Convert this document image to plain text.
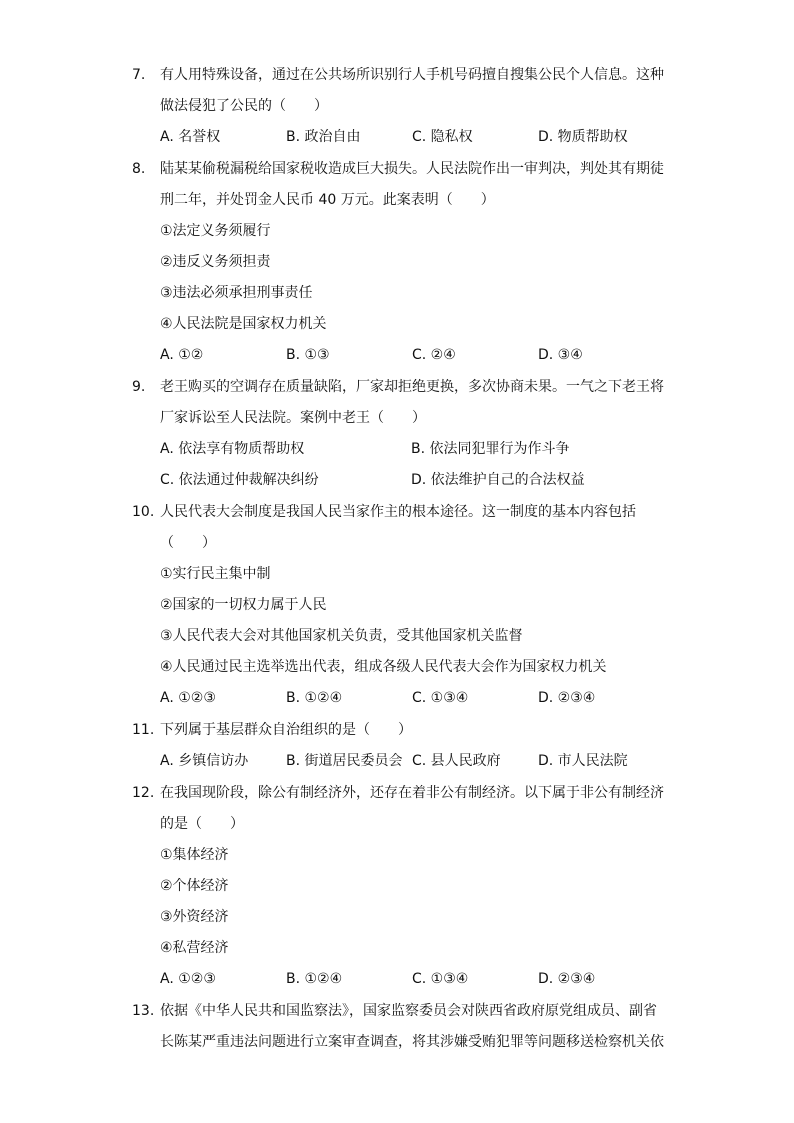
7.	有人用特殊设备，通过在公共场所识别行人手机号码擅自搜集公民个人信息。这种
做法侵犯了公民的（　　）
A. 名誉权	B. 政治自由	C. 隐私权	D. 物质帮助权
8.	陆某某偷税漏税给国家税收造成巨大损失。人民法院作出一审判决，判处其有期徒
刑二年，并处罚金人民币 40 万元。此案表明（　　）
①法定义务须履行
②违反义务须担责
③违法必须承担刑事责任
④人民法院是国家权力机关
A. ①②	B. ①③	C. ②④	D. ③④
9.	老王购买的空调存在质量缺陷，厂家却拒绝更换，多次协商未果。一气之下老王将
厂家诉讼至人民法院。案例中老王（　　）
A. 依法享有物质帮助权	B. 依法同犯罪行为作斗争
C. 依法通过仲裁解决纠纷	D. 依法维护自己的合法权益
10. 人民代表大会制度是我国人民当家作主的根本途径。这一制度的基本内容包括
（　　）
①实行民主集中制
②国家的一切权力属于人民
③人民代表大会对其他国家机关负责，受其他国家机关监督
④人民通过民主选举选出代表，组成各级人民代表大会作为国家权力机关
A. ①②③	B. ①②④	C. ①③④	D. ②③④
11. 下列属于基层群众自治组织的是（　　）
A. 乡镇信访办	B. 街道居民委员会 C. 县人民政府	D. 市人民法院
12. 在我国现阶段，除公有制经济外，还存在着非公有制经济。以下属于非公有制经济
的是（　　）
①集体经济
②个体经济
③外资经济
④私营经济
A. ①②③	B. ①②④	C. ①③④	D. ②③④
13. 依据《中华人民共和国监察法》，国家监察委员会对陕西省政府原党组成员、副省
长陈某严重违法问题进行立案审查调查，将其涉嫌受贿犯罪等问题移送检察机关依
